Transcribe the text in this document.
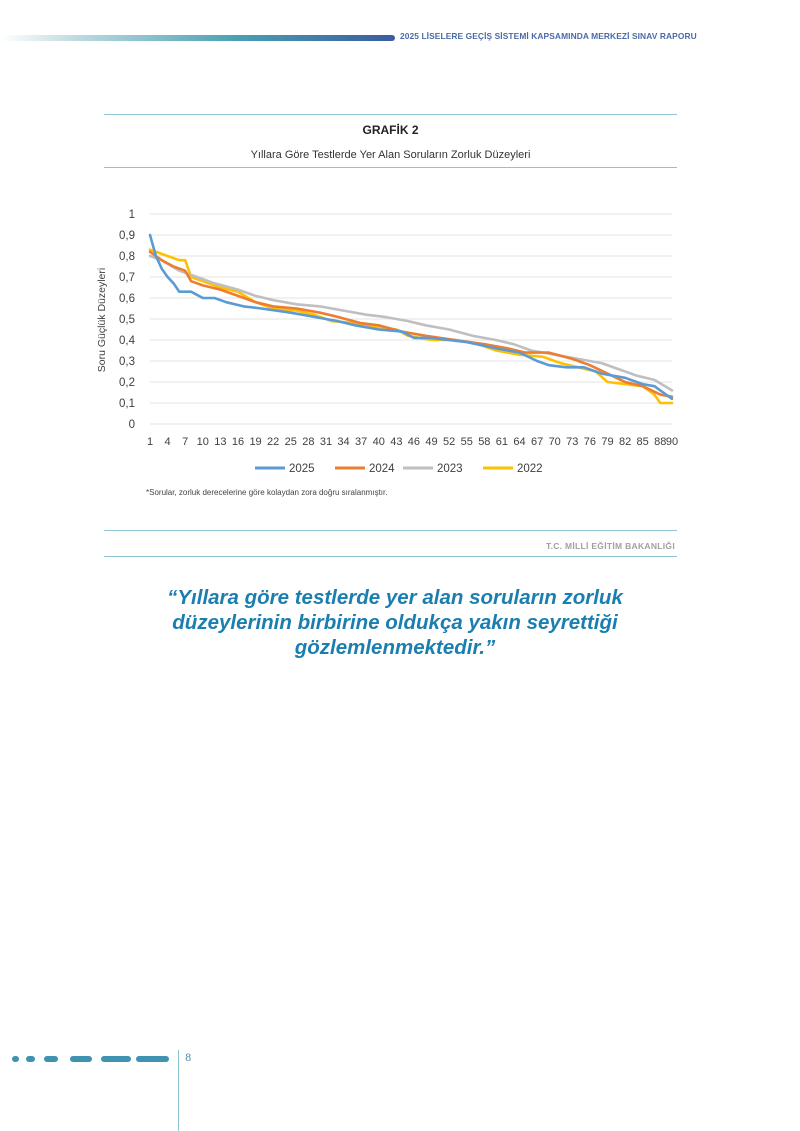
2025 LİSELERE GEÇİŞ SİSTEMİ KAPSAMINDA MERKEZİ SINAV RAPORU
GRAFİK 2
Yıllara Göre Testlerde Yer Alan Soruların Zorluk Düzeyleri
0
0,1
0,2
0,3
0,4
0,5
0,6
0,7
0,8
0,9
1
1 4 7 10 13 16 19 22 25 28 31 34 37 40 43 46 49 52 55 58 61 64 67 70 73 76 79 82 85 88 90
Soru Güçlük Düzeyleri
2025	2024	2023	2022
*Sorular, zorluk derecelerine göre kolaydan zora doğru sıralanmıştır.
T.C. MİLLİ EĞİTİM BAKANLIĞI
“Yıllara göre testlerde yer alan soruların zorluk düzeylerinin birbirine oldukça yakın seyrettiği gözlemlenmektedir.”
8
